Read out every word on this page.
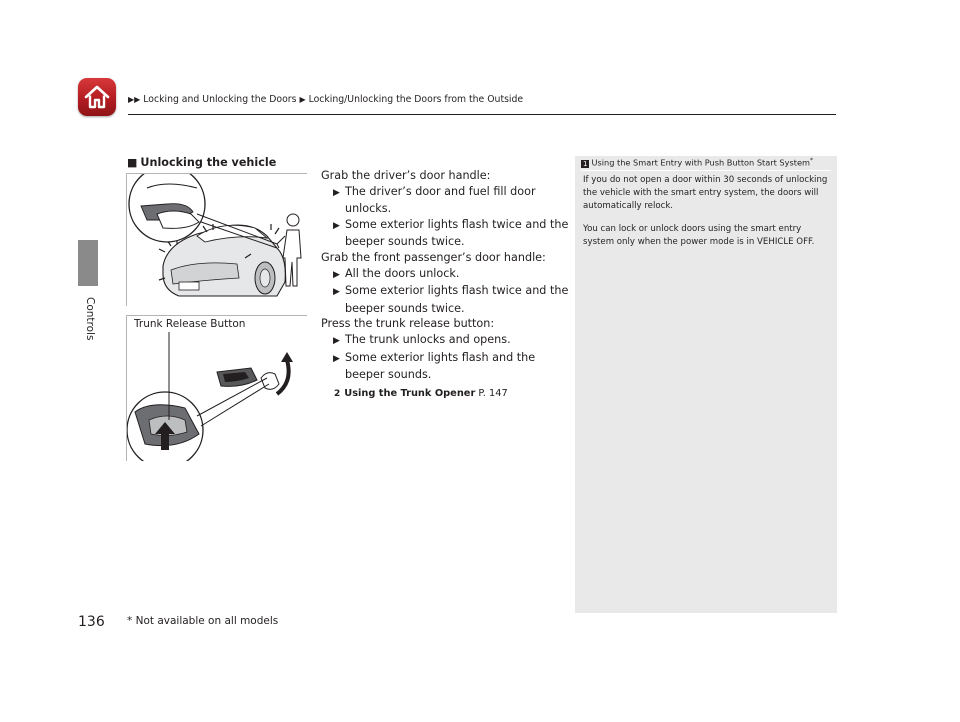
▶▶ Locking and Unlocking the Doors ▶ Locking/Unlocking the Doors from the Outside
Controls
■ Unlocking the vehicle
Trunk Release Button

Grab the driver’s door handle:

▶ The driver’s door and fuel fill door unlocks.

▶ Some exterior lights flash twice and the beeper sounds twice.

Grab the front passenger’s door handle:

▶ All the doors unlock.

▶ Some exterior lights flash twice and the beeper sounds twice.

Press the trunk release button:

▶ The trunk unlocks and opens.

▶ Some exterior lights flash and the beeper sounds.

2 Using the Trunk Opener P. 147
1 Using the Smart Entry with Push Button Start System*

If you do not open a door within 30 seconds of unlocking the vehicle with the smart entry system, the doors will automatically relock.

You can lock or unlock doors using the smart entry system only when the power mode is in VEHICLE OFF.

136 * Not available on all models
